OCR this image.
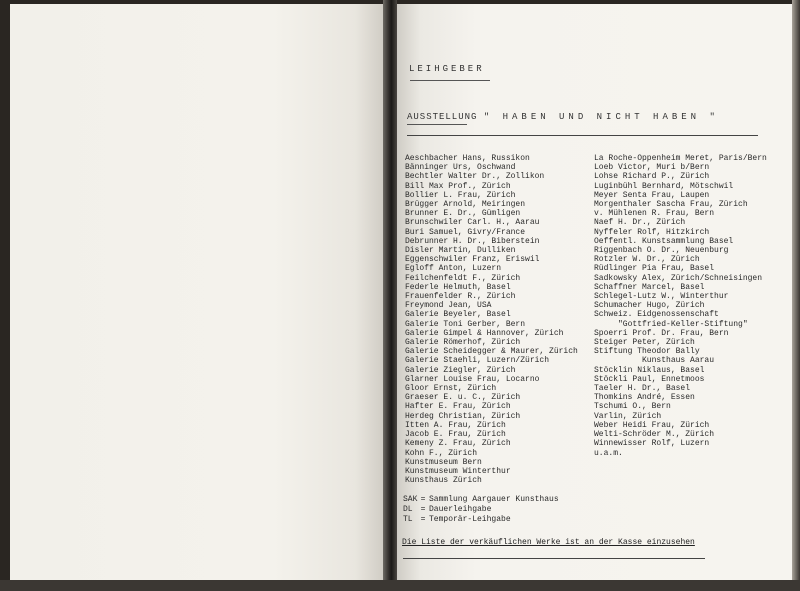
LEIHGEBER
AUSSTELLUNG " HABEN UND NICHT HABEN "
Aeschbacher Hans, Russikon
Bänninger Urs, Oschwand
Bechtler Walter Dr., Zollikon
Bill Max Prof., Zürich
Bollier L. Frau, Zürich
Brügger Arnold, Meiringen
Brunner E. Dr., Gümligen
Brunschwiler Carl. H., Aarau
Buri Samuel, Givry/France
Debrunner H. Dr., Biberstein
Disler Martin, Dulliken
Eggenschwiler Franz, Eriswil
Egloff Anton, Luzern
Feilchenfeldt F., Zürich
Federle Helmuth, Basel
Frauenfelder R., Zürich
Freymond Jean, USA
Galerie Beyeler, Basel
Galerie Toni Gerber, Bern
Galerie Gimpel & Hannover, Zürich
Galerie Römerhof, Zürich
Galerie Scheidegger & Maurer, Zürich
Galerie Staehli, Luzern/Zürich
Galerie Ziegler, Zürich
Glarner Louise Frau, Locarno
Gloor Ernst, Zürich
Graeser E. u. C., Zürich
Hafter E. Frau, Zürich
Herdeg Christian, Zürich
Itten A. Frau, Zürich
Jacob E. Frau, Zürich
Kemeny Z. Frau, Zürich
Kohn F., Zürich
Kunstmuseum Bern
Kunstmuseum Winterthur
Kunsthaus Zürich
La Roche-Oppenheim Meret, Paris/Bern
Loeb Victor, Muri b/Bern
Lohse Richard P., Zürich
Luginbühl Bernhard, Mötschwil
Meyer Senta Frau, Laupen
Morgenthaler Sascha Frau, Zürich
v. Mühlenen R. Frau, Bern
Naef H. Dr., Zürich
Nyffeler Rolf, Hitzkirch
Oeffentl. Kunstsammlung Basel
Riggenbach O. Dr., Neuenburg
Rotzler W. Dr., Zürich
Rüdlinger Pia Frau, Basel
Sadkowsky Alex, Zürich/Schneisingen
Schaffner Marcel, Basel
Schlegel-Lutz W., Winterthur
Schumacher Hugo, Zürich
Schweiz. Eidgenossenschaft
"Gottfried-Keller-Stiftung"
Spoerri Prof. Dr. Frau, Bern
Steiger Peter, Zürich
Stiftung Theodor Bally
Kunsthaus Aarau
Stöcklin Niklaus, Basel
Stöckli Paul, Ennetmoos
Taeler H. Dr., Basel
Thomkins André, Essen
Tschumi O., Bern
Varlin, Zürich
Weber Heidi Frau, Zürich
Welti-Schröder M., Zürich
Winnewisser Rolf, Luzern
u.a.m.
SAK = Sammlung Aargauer Kunsthaus
DL = Dauerleihgabe
TL = Temporär-Leihgabe
Die Liste der verkäuflichen Werke ist an der Kasse einzusehen
